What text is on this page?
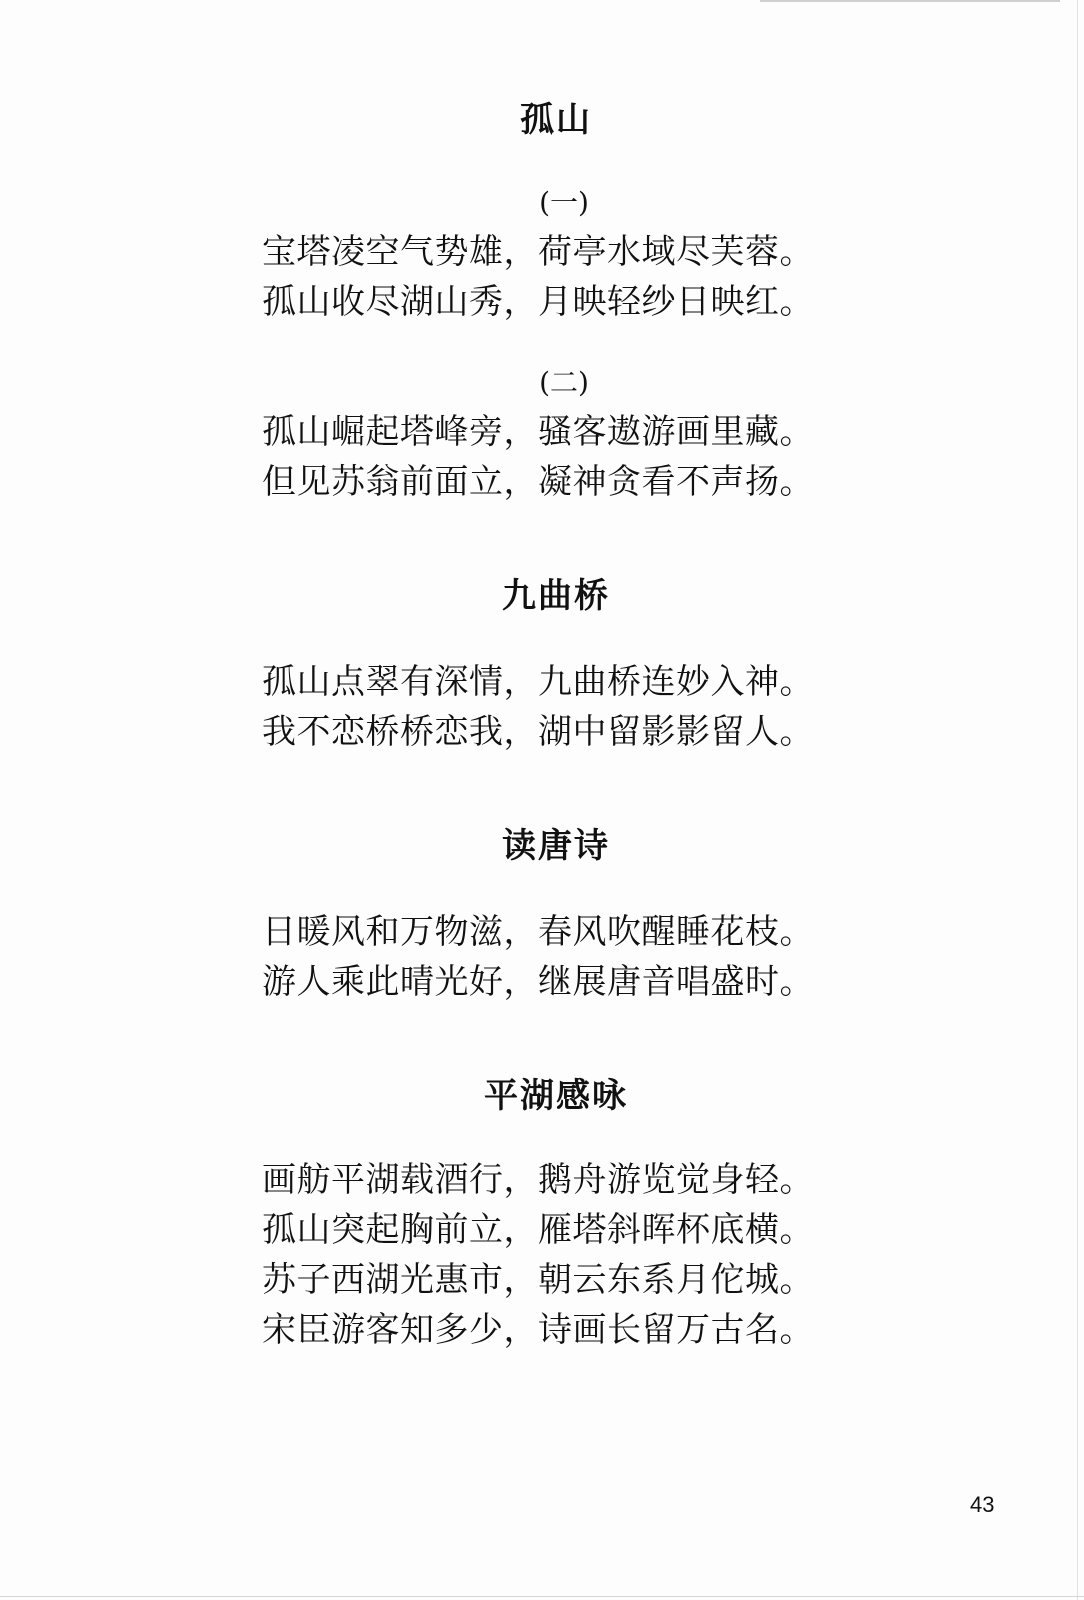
孤山
(一)
宝塔凌空气势雄，荷亭水域尽芙蓉。
孤山收尽湖山秀，月映轻纱日映红。
(二)
孤山崛起塔峰旁，骚客遨游画里藏。
但见苏翁前面立，凝神贪看不声扬。
九曲桥
孤山点翠有深情，九曲桥连妙入神。
我不恋桥桥恋我，湖中留影影留人。
读唐诗
日暖风和万物滋，春风吹醒睡花枝。
游人乘此晴光好，继展唐音唱盛时。
平湖感咏
画舫平湖载酒行，鹅舟游览觉身轻。
孤山突起胸前立，雁塔斜晖杯底横。
苏子西湖光惠市，朝云东系月佗城。
宋臣游客知多少，诗画长留万古名。
43
